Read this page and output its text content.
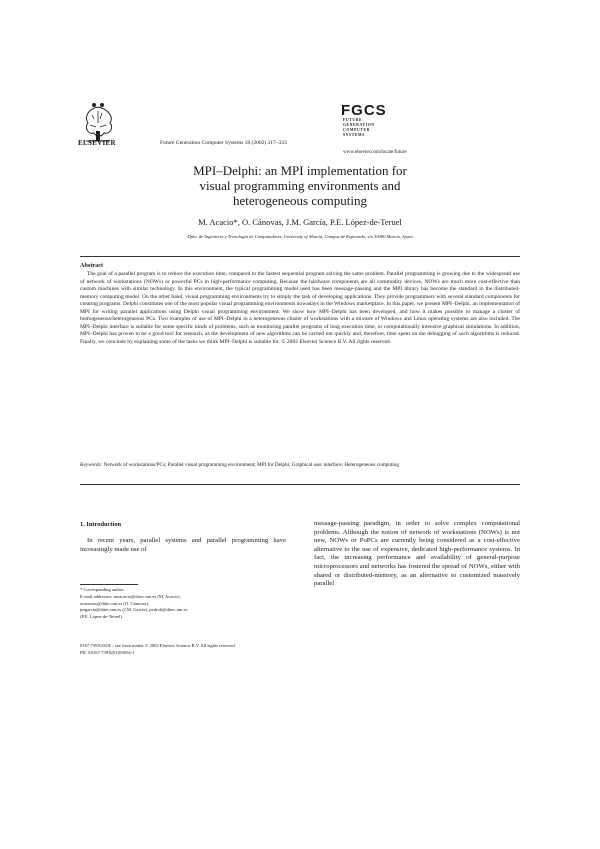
ELSEVIER	Future Generation Computer Systems 18 (2002) 317–333
FGCS
FUTURE
GENERATION
COMPUTER
SYSTEMS
www.elsevier.com/locate/future
MPI–Delphi: an MPI implementation for
visual programming environments and
heterogeneous computing
M. Acacio*, O. Cánovas, J.M. García, P.E. López-de-Teruel
Dpto. de Ingeniería y Tecnología de Computadores, University of Murcia, Campus de Espinardo, s/n 30080 Murcia, Spain
Abstract
The goal of a parallel program is to reduce the execution time, compared to the fastest sequential program solving the same problem. Parallel programming is growing due to the widespread use of network of workstations (NOWs) or powerful PCs in high-performance computing. Because the hardware components are all commodity devices, NOWs are much more cost-effective than custom machines with similar technology. In this environment, the typical programming model used has been message-passing and the MPI library has become the standard in the distributed-memory computing model. On the other hand, visual programming environments try to simply the task of developing applications. They provide programmers with several standard components for creating programs. Delphi constitutes one of the most popular visual programming environments nowadays in the Windows marketplace. In this paper, we present MPI–Delphi, an implementation of MPI for writing parallel applications using Delphi visual programming environment. We show how MPI–Delphi has been developed, and how it makes possible to manage a cluster of homogeneous/heterogeneous PCs. Two examples of use of MPI–Delphi in a heterogeneous cluster of workstations with a mixture of Windows and Linux operating systems are also included. The MPI–Delphi interface is suitable for some specific kinds of problems, such as monitoring parallel programs of long execution time, or computationally intensive graphical simulations. In addition, MPI–Delphi has proven to be a good tool for research, as the development of new algorithms can be carried out quickly and, therefore, time spent on the debugging of such algorithms is reduced. Finally, we conclude by explaining some of the tasks we think MPI–Delphi is suitable for. © 2002 Elsevier Science B.V. All rights reserved.
Keywords: Network of workstations/PCs; Parallel visual programming environment; MPI for Delphi; Graphical user interface; Heterogeneous computing
1. Introduction
In recent years, parallel systems and parallel programming have increasingly made use of
message-passing paradigm, in order to solve complex computational problems. Although the notion of network of workstations (NOWs) is not new, NOWs or PoPCs are currently being considered as a cost-effective alternative to the use of expensive, dedicated high-performance systems. In fact, the increasing performance and availability of general-purpose microprocessors and networks has fostered the spread of NOWs, either with shared or distributed-memory, as an alternative to customized massively parallel
* Corresponding author.
E-mail addresses: meacacio@ditec.um.es (M. Acacio),
ocanovas@ditec.um.es (O. Cánovas),
jmgarcia@ditec.um.es (J.M. García), pedrolt@ditec.um.es
(P.E. López-de-Teruel).
0167-739X/02/$ – see front matter © 2002 Elsevier Science B.V. All rights reserved.
PII: S0167-739X(01)00054-1
